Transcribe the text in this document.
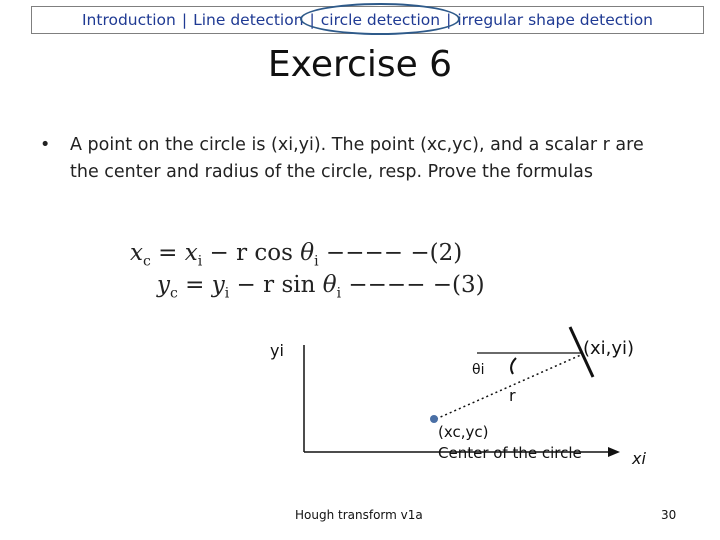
Introduction | Line detection | circle detection | irregular shape detection
Exercise 6
•	A point on the circle is (xi,yi). The point (xc,yc), and a scalar r are the center and radius of the circle, resp. Prove the formulas
$x_c = x_i - r$ $\cos \theta_i$ −−−− −(2)
$y_c = y_i - r$ $\sin \theta_i$ −−−− −(3)
yi	(xi,yi)
θi
r
(xc,yc)
Center of the circle	xi
Hough transform v1a	30
